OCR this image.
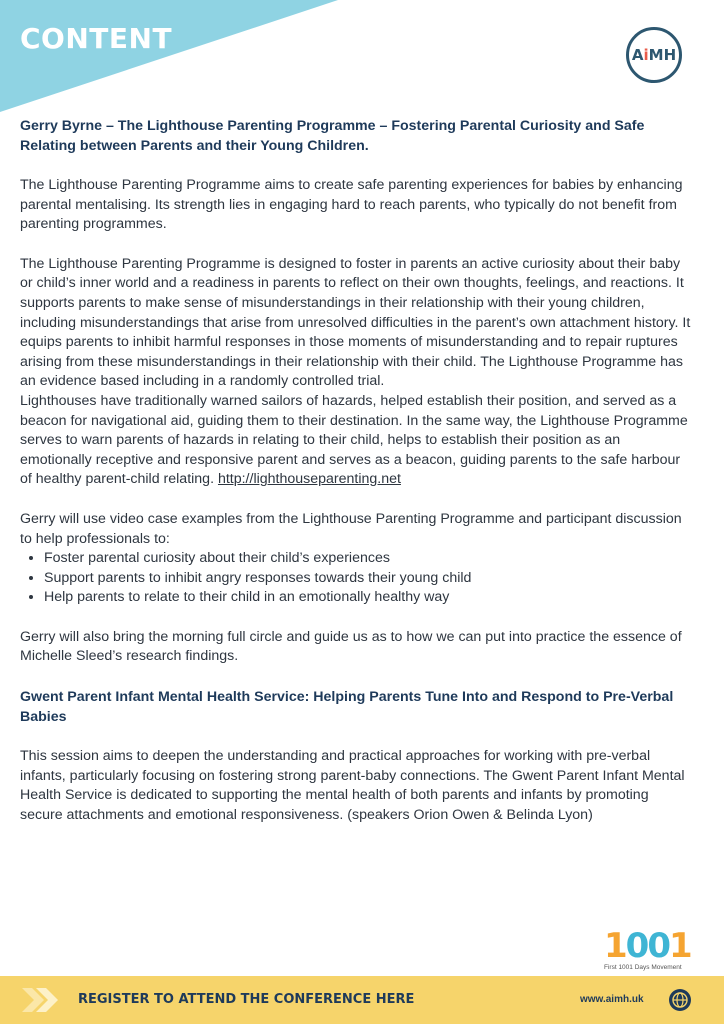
CONTENT	AiMH
Gerry Byrne – The Lighthouse Parenting Programme – Fostering Parental Curiosity and Safe Relating between Parents and their Young Children.

The Lighthouse Parenting Programme aims to create safe parenting experiences for babies by enhancing parental mentalising. Its strength lies in engaging hard to reach parents, who typically do not benefit from parenting programmes.

The Lighthouse Parenting Programme is designed to foster in parents an active curiosity about their baby or child’s inner world and a readiness in parents to reflect on their own thoughts, feelings, and reactions. It supports parents to make sense of misunderstandings in their relationship with their young children, including misunderstandings that arise from unresolved difficulties in the parent’s own attachment history. It equips parents to inhibit harmful responses in those moments of misunderstanding and to repair ruptures arising from these misunderstandings in their relationship with their child. The Lighthouse Programme has an evidence based including in a randomly controlled trial.
Lighthouses have traditionally warned sailors of hazards, helped establish their position, and served as a beacon for navigational aid, guiding them to their destination. In the same way, the Lighthouse Programme serves to warn parents of hazards in relating to their child, helps to establish their position as an emotionally receptive and responsive parent and serves as a beacon, guiding parents to the safe harbour of healthy parent-child relating. http://lighthouseparenting.net

Gerry will use video case examples from the Lighthouse Parenting Programme and participant discussion to help professionals to:

• Foster parental curiosity about their child’s experiences
• Support parents to inhibit angry responses towards their young child
• Help parents to relate to their child in an emotionally healthy way

Gerry will also bring the morning full circle and guide us as to how we can put into practice the essence of Michelle Sleed’s research findings.

Gwent Parent Infant Mental Health Service: Helping Parents Tune Into and Respond to Pre-Verbal Babies

This session aims to deepen the understanding and practical approaches for working with pre-verbal infants, particularly focusing on fostering strong parent-baby connections. The Gwent Parent Infant Mental Health Service is dedicated to supporting the mental health of both parents and infants by promoting secure attachments and emotional responsiveness. (speakers Orion Owen & Belinda Lyon)

1001
First 1001 Days Movement
REGISTER TO ATTEND THE CONFERENCE HERE	www.aimh.uk
